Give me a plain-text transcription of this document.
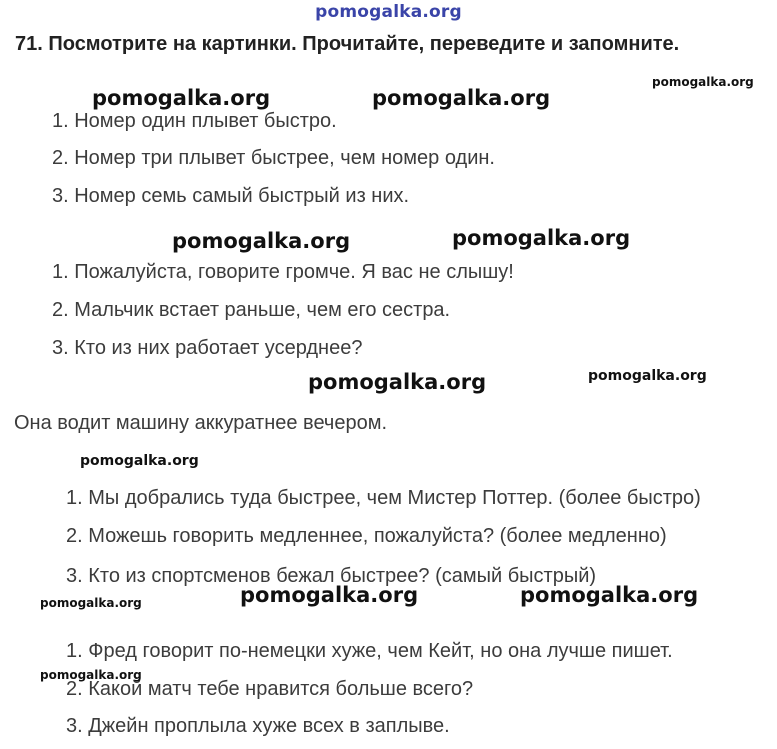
pomogalka.org
71. Посмотрите на картинки. Прочитайте, переведите и запомните.
1. Номер один плывет быстро.
2. Номер три плывет быстрее, чем номер один.
3. Номер семь самый быстрый из них.
1. Пожалуйста, говорите громче. Я вас не слышу!
2. Мальчик встает раньше, чем его сестра.
3. Кто из них работает усерднее?
Она водит машину аккуратнее вечером.
1. Мы добрались туда быстрее, чем Мистер Поттер. (более быстро)
2. Можешь говорить медленнее, пожалуйста? (более медленно)
3. Кто из спортсменов бежал быстрее? (самый быстрый)
1. Фред говорит по-немецки хуже, чем Кейт, но она лучше пишет.
2. Какой матч тебе нравится больше всего?
3. Джейн проплыла хуже всех в заплыве.
pomogalka.org
pomogalka.org	pomogalka.org
pomogalka.org	pomogalka.org
pomogalka.org	pomogalka.org
pomogalka.org
pomogalka.org	pomogalka.org	pomogalka.org
pomogalka.org
